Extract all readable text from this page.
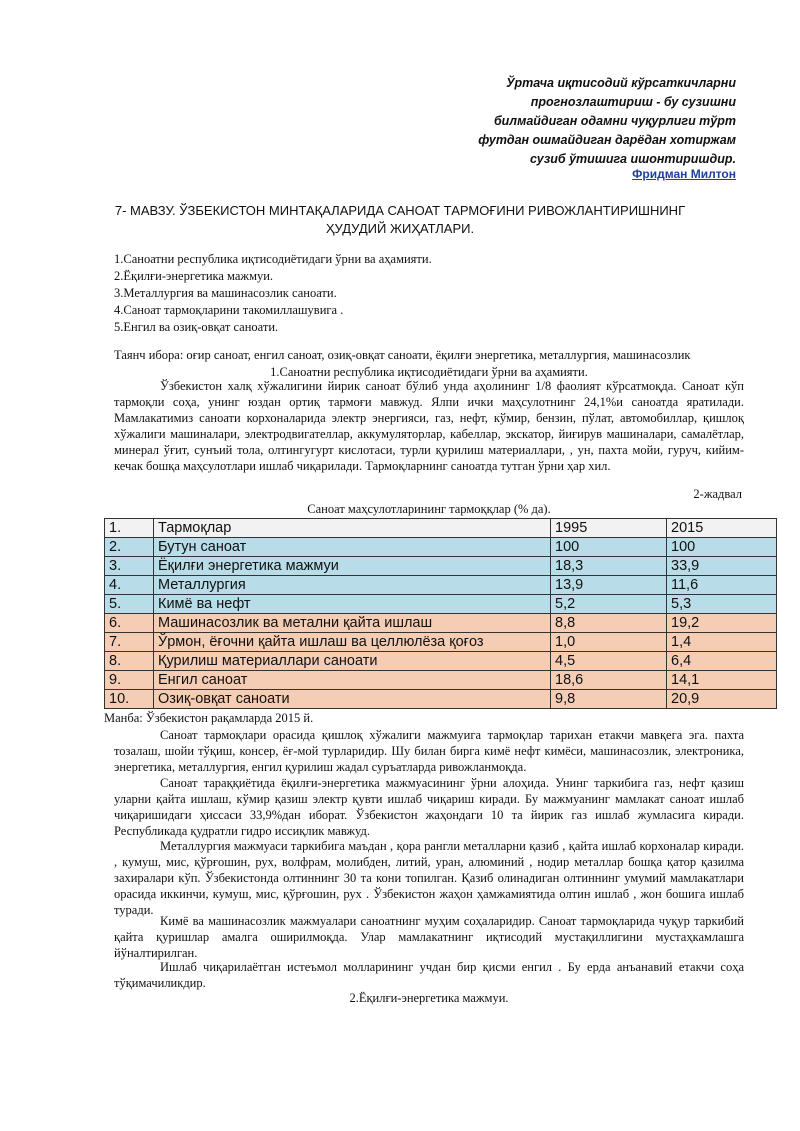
Ўртача иқтисодий кўрсаткичларни
прогнозлаштириш - бу сузишни
билмайдиган одамни чуқурлиги тўрт
футдан ошмайдиган дарёдан хотиржам
сузиб ўтишига ишонтиришдир.
Фридман Милтон
7- МАВЗУ. ЎЗБЕКИСТОН МИНТАҚАЛАРИДА САНОАТ ТАРМОҒИНИ РИВОЖЛАНТИРИШНИНГ ҲУДУДИЙ ЖИҲАТЛАРИ.
1.Саноатни республика иқтисодиётидаги ўрни ва аҳамияти.
2.Ёқилғи-энергетика мажмуи.
3.Металлургия ва машинасозлик саноати.
4.Саноат тармоқларини такомиллашувига .
5.Енгил ва озиқ-овқат саноати.
Таянч ибора: оғир саноат, енгил саноат, озиқ-овқат саноати, ёқилғи энергетика, металлургия, машинасозлик
1.Саноатни республика иқтисодиётидаги ўрни ва аҳамияти.
Ўзбекистон халқ хўжалигини йирик саноат бўлиб унда аҳолининг 1/8 фаолият кўрсатмоқда. Саноат кўп тармоқли соҳа, унинг юздан ортиқ тармоғи мавжуд. Ялпи ички маҳсулотнинг 24,1%и саноатда яратилади. Мамлакатимиз саноати корхоналарида электр энергияси, газ, нефт, кўмир, бензин, пўлат, автомобиллар, қишлоқ хўжалиги машиналари, электродвигателлар, аккумуляторлар, кабеллар, экскатор, йиғирув машиналари, самалётлар, минерал ўғит, сунъий тола, олтингугурт кислотаси, турли қурилиш материаллари, , ун, пахта мойи, гуруч, кийим-кечак бошқа маҳсулотлари ишлаб чиқарилади. Тармоқларнинг саноатда тутган ўрни ҳар хил.
2-жадвал
Саноат маҳсулотларининг тармоққлар (% да).
1.	Тармоқлар	1995	2015
2.	Бутун саноат	100	100
3.	Ёқилғи энергетика мажмуи	18,3	33,9
4.	Металлургия	13,9	11,6
5.	Кимё ва нефт	5,2	5,3
6.	Машинасозлик ва метални қайта ишлаш	8,8	19,2
7.	Ўрмон, ёғочни қайта ишлаш ва целлюлёза қоғоз	1,0	1,4
8.	Қурилиш материаллари саноати	4,5	6,4
9.	Енгил саноат	18,6	14,1
10.	Озиқ-овқат саноати	9,8	20,9
Манба: Ўзбекистон рақамларда 2015 й.
Саноат тармоқлари орасида қишлоқ хўжалиги мажмуига тармоқлар тарихан етакчи мавқега эга. пахта тозалаш, шойи тўқиш, консер, ёғ-мой турлаpидир. Шу билан бирга кимё нефт кимёси, машинасозлик, электроника, энергетика, металлургия, енгил қурилиш жадал суръатларда ривожланмоқда.
Саноат тараққиётида ёқилғи-энергетика мажмуасининг ўрни алоҳида. Унинг таркибига газ, нефт қазиш уларни қайта ишлаш, кўмир қазиш электр қувти ишлаб чиқариш киради. Бу мажмуанинг мамлакат саноат ишлаб чиқаришидаги ҳиссаси 33,9%дан иборат. Ўзбекистон жаҳондаги 10 та йирик газ ишлаб жумласига киради. Республикада қудратли гидро иссиқлик мавжуд.
Металлургия мажмуаси таркибига маъдан , қора рангли металларни қазиб , қайта ишлаб корхоналар киради. , кумуш, мис, қўрғошин, рух, волфрам, молибден, литий, уран, алюминий , нодир металлар бошқа қатор қазилма захиралари кўп. Ўзбекистонда олтиннинг 30 та кони топилган. Қазиб олинадиган олтиннинг умумий мамлакатлари орасида иккинчи, кумуш, мис, қўрғошин, рух . Ўзбекистон жаҳон ҳамжамиятида олтин ишлаб , жон бошига ишлаб туради.
Кимё ва машинасозлик мажмуалари саноатнинг муҳим соҳаларидир. Саноат тармоқларида чуқур таркибий қайта қуришлар амалга оширилмоқда. Улар мамлакатнинг иқтисодий мустақиллигини мустаҳкамлашга йўналтирилган.
Ишлаб чиқарилаётган истеъмол молларининг учдан бир қисми енгил . Бу ерда анъанавий етакчи соҳа тўқимачиликдир.
2.Ёқилғи-энергетика мажмуи.
